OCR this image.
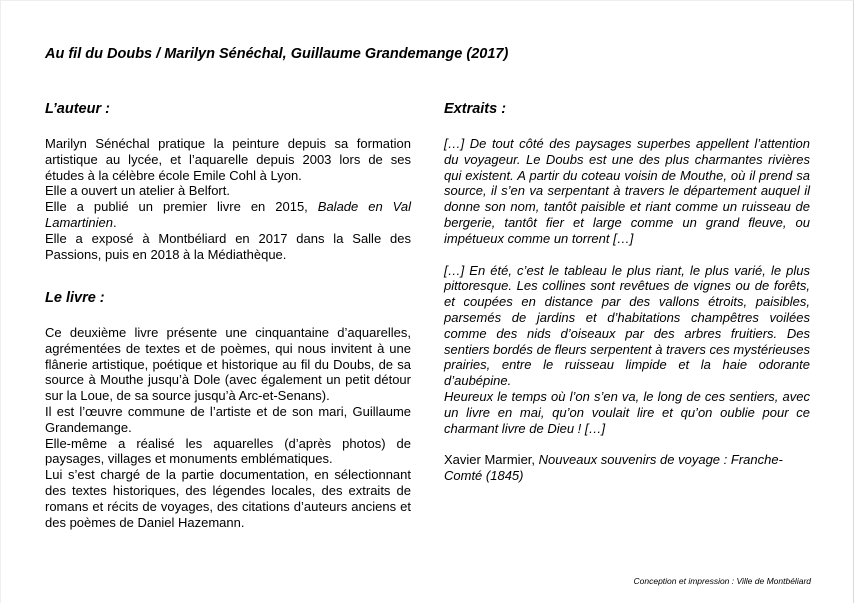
Au fil du Doubs / Marilyn Sénéchal, Guillaume Grandemange (2017)
L’auteur :

Marilyn Sénéchal pratique la peinture depuis sa formation artistique au lycée, et l’aquarelle depuis 2003 lors de ses études à la célèbre école Emile Cohl à Lyon.

Elle a ouvert un atelier à Belfort.

Elle a publié un premier livre en 2015, Balade en Val Lamartinien.

Elle a exposé à Montbéliard en 2017 dans la Salle des Passions, puis en 2018 à la Médiathèque.

Le livre :

Ce deuxième livre présente une cinquantaine d’aquarelles, agrémentées de textes et de poèmes, qui nous invitent à une flânerie artistique, poétique et historique au fil du Doubs, de sa source à Mouthe jusqu’à Dole (avec également un petit détour sur la Loue, de sa source jusqu’à Arc-et-Senans).

Il est l’œuvre commune de l’artiste et de son mari, Guillaume Grandemange.

Elle-même a réalisé les aquarelles (d’après photos) de paysages, villages et monuments emblématiques.

Lui s’est chargé de la partie documentation, en sélectionnant des textes historiques, des légendes locales, des extraits de romans et récits de voyages, des citations d’auteurs anciens et des poèmes de Daniel Hazemann.

Extraits :

[…] De tout côté des paysages superbes appellent l’attention du voyageur. Le Doubs est une des plus charmantes rivières qui existent. A partir du coteau voisin de Mouthe, où il prend sa source, il s’en va serpentant à travers le département auquel il donne son nom, tantôt paisible et riant comme un ruisseau de bergerie, tantôt fier et large comme un grand fleuve, ou impétueux comme un torrent […]

[…] En été, c’est le tableau le plus riant, le plus varié, le plus pittoresque. Les collines sont revêtues de vignes ou de forêts, et coupées en distance par des vallons étroits, paisibles, parsemés de jardins et d’habitations champêtres voilées comme des nids d’oiseaux par des arbres fruitiers. Des sentiers bordés de fleurs serpentent à travers ces mystérieuses prairies, entre le ruisseau limpide et la haie odorante d’aubépine.

Heureux le temps où l’on s’en va, le long de ces sentiers, avec un livre en mai, qu’on voulait lire et qu’on oublie pour ce charmant livre de Dieu ! […]

Xavier Marmier, Nouveaux souvenirs de voyage : Franche-Comté (1845)

Conception et impression : Ville de Montbéliard
